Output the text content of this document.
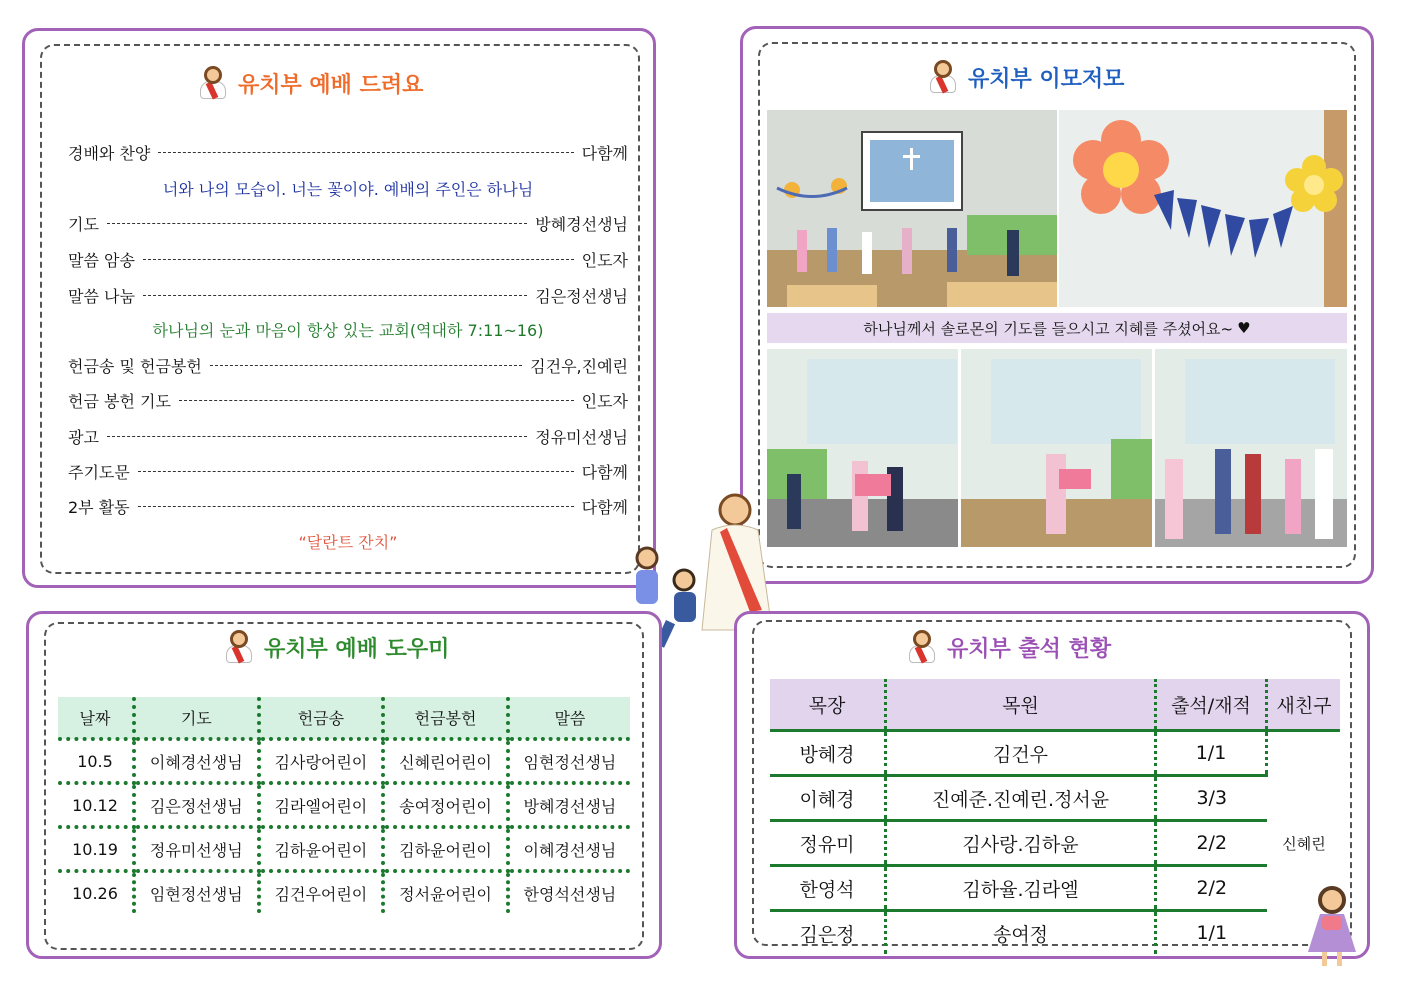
유치부 예배 드려요
경배와 찬양	다함께
너와 나의 모습이. 너는 꽃이야. 예배의 주인은 하나님
기도	방혜경선생님
말씀 암송	인도자
말씀 나눔	김은정선생님
하나님의 눈과 마음이 항상 있는 교회(역대하 7:11~16)
헌금송 및 헌금봉헌	김건우,진예린
헌금 봉헌 기도	인도자
광고	정유미선생님
주기도문	다함께
2부 활동	다함께
“달란트 잔치”
유치부 이모저모
하나님께서 솔로몬의 기도를 들으시고 지혜를 주셨어요~ ♥
유치부 예배 도우미
날짜	기도	헌금송	헌금봉헌	말씀
10.5	이혜경선생님	김사랑어린이	신혜린어린이	임현정선생님
10.12	김은정선생님	김라엘어린이	송여정어린이	방혜경선생님
10.19	정유미선생님	김하윤어린이	김하윤어린이	이혜경선생님
10.26	임현정선생님	김건우어린이	정서윤어린이	한영석선생님
유치부 출석 현황
목장	목원	출석/재적	새친구
방혜경	김건우	1/1	신혜린
이혜경	진예준.진예린.정서윤	3/3	
정유미	김사랑.김하윤	2/2	
한영석	김하율.김라엘	2/2	
김은정	송여정	1/1	
